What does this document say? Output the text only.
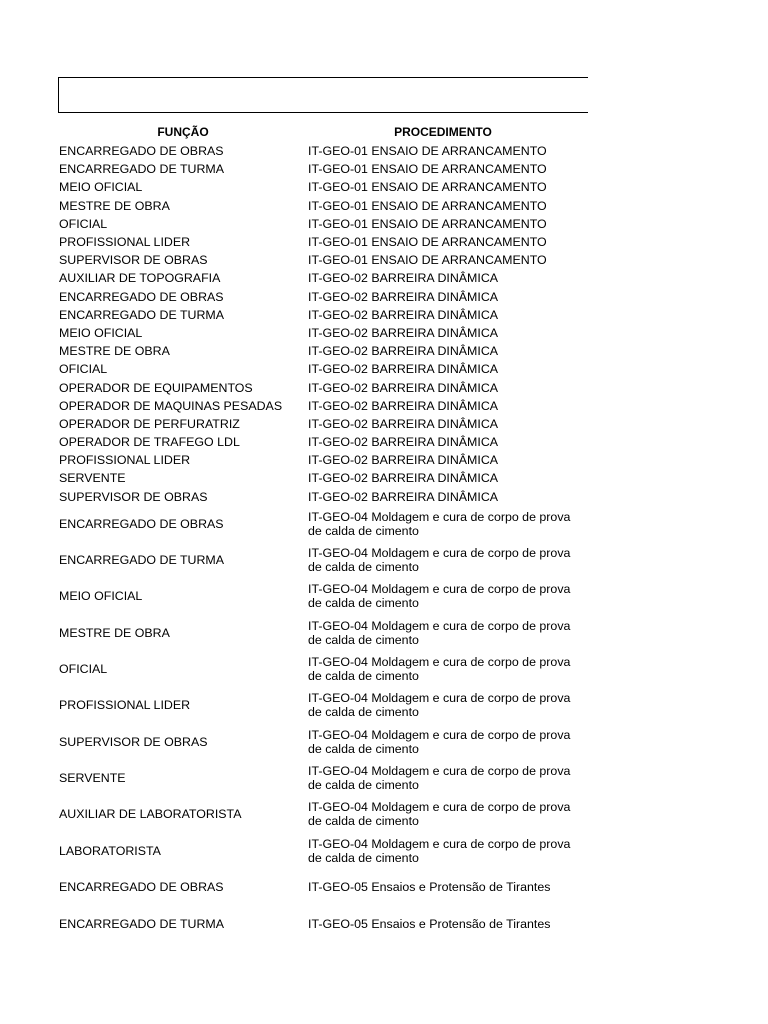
FUNÇÃO	PROCEDIMENTO
ENCARREGADO DE OBRAS	IT-GEO-01 ENSAIO DE ARRANCAMENTO
ENCARREGADO DE TURMA	IT-GEO-01 ENSAIO DE ARRANCAMENTO
MEIO OFICIAL	IT-GEO-01 ENSAIO DE ARRANCAMENTO
MESTRE DE OBRA	IT-GEO-01 ENSAIO DE ARRANCAMENTO
OFICIAL	IT-GEO-01 ENSAIO DE ARRANCAMENTO
PROFISSIONAL LIDER	IT-GEO-01 ENSAIO DE ARRANCAMENTO
SUPERVISOR DE OBRAS	IT-GEO-01 ENSAIO DE ARRANCAMENTO
AUXILIAR DE TOPOGRAFIA	IT-GEO-02 BARREIRA DINÂMICA
ENCARREGADO DE OBRAS	IT-GEO-02 BARREIRA DINÂMICA
ENCARREGADO DE TURMA	IT-GEO-02 BARREIRA DINÂMICA
MEIO OFICIAL	IT-GEO-02 BARREIRA DINÂMICA
MESTRE DE OBRA	IT-GEO-02 BARREIRA DINÂMICA
OFICIAL	IT-GEO-02 BARREIRA DINÂMICA
OPERADOR DE EQUIPAMENTOS	IT-GEO-02 BARREIRA DINÂMICA
OPERADOR DE MAQUINAS PESADAS	IT-GEO-02 BARREIRA DINÂMICA
OPERADOR DE PERFURATRIZ	IT-GEO-02 BARREIRA DINÂMICA
OPERADOR DE TRAFEGO LDL	IT-GEO-02 BARREIRA DINÂMICA
PROFISSIONAL LIDER	IT-GEO-02 BARREIRA DINÂMICA
SERVENTE	IT-GEO-02 BARREIRA DINÂMICA
SUPERVISOR DE OBRAS	IT-GEO-02 BARREIRA DINÂMICA
ENCARREGADO DE OBRAS	IT-GEO-04 Moldagem e cura de corpo de prova de calda de cimento
ENCARREGADO DE TURMA	IT-GEO-04 Moldagem e cura de corpo de prova de calda de cimento
MEIO OFICIAL	IT-GEO-04 Moldagem e cura de corpo de prova de calda de cimento
MESTRE DE OBRA	IT-GEO-04 Moldagem e cura de corpo de prova de calda de cimento
OFICIAL	IT-GEO-04 Moldagem e cura de corpo de prova de calda de cimento
PROFISSIONAL LIDER	IT-GEO-04 Moldagem e cura de corpo de prova de calda de cimento
SUPERVISOR DE OBRAS	IT-GEO-04 Moldagem e cura de corpo de prova de calda de cimento
SERVENTE	IT-GEO-04 Moldagem e cura de corpo de prova de calda de cimento
AUXILIAR DE LABORATORISTA	IT-GEO-04 Moldagem e cura de corpo de prova de calda de cimento
LABORATORISTA	IT-GEO-04 Moldagem e cura de corpo de prova de calda de cimento
ENCARREGADO DE OBRAS	IT-GEO-05 Ensaios e Protensão de Tirantes
ENCARREGADO DE TURMA	IT-GEO-05 Ensaios e Protensão de Tirantes
